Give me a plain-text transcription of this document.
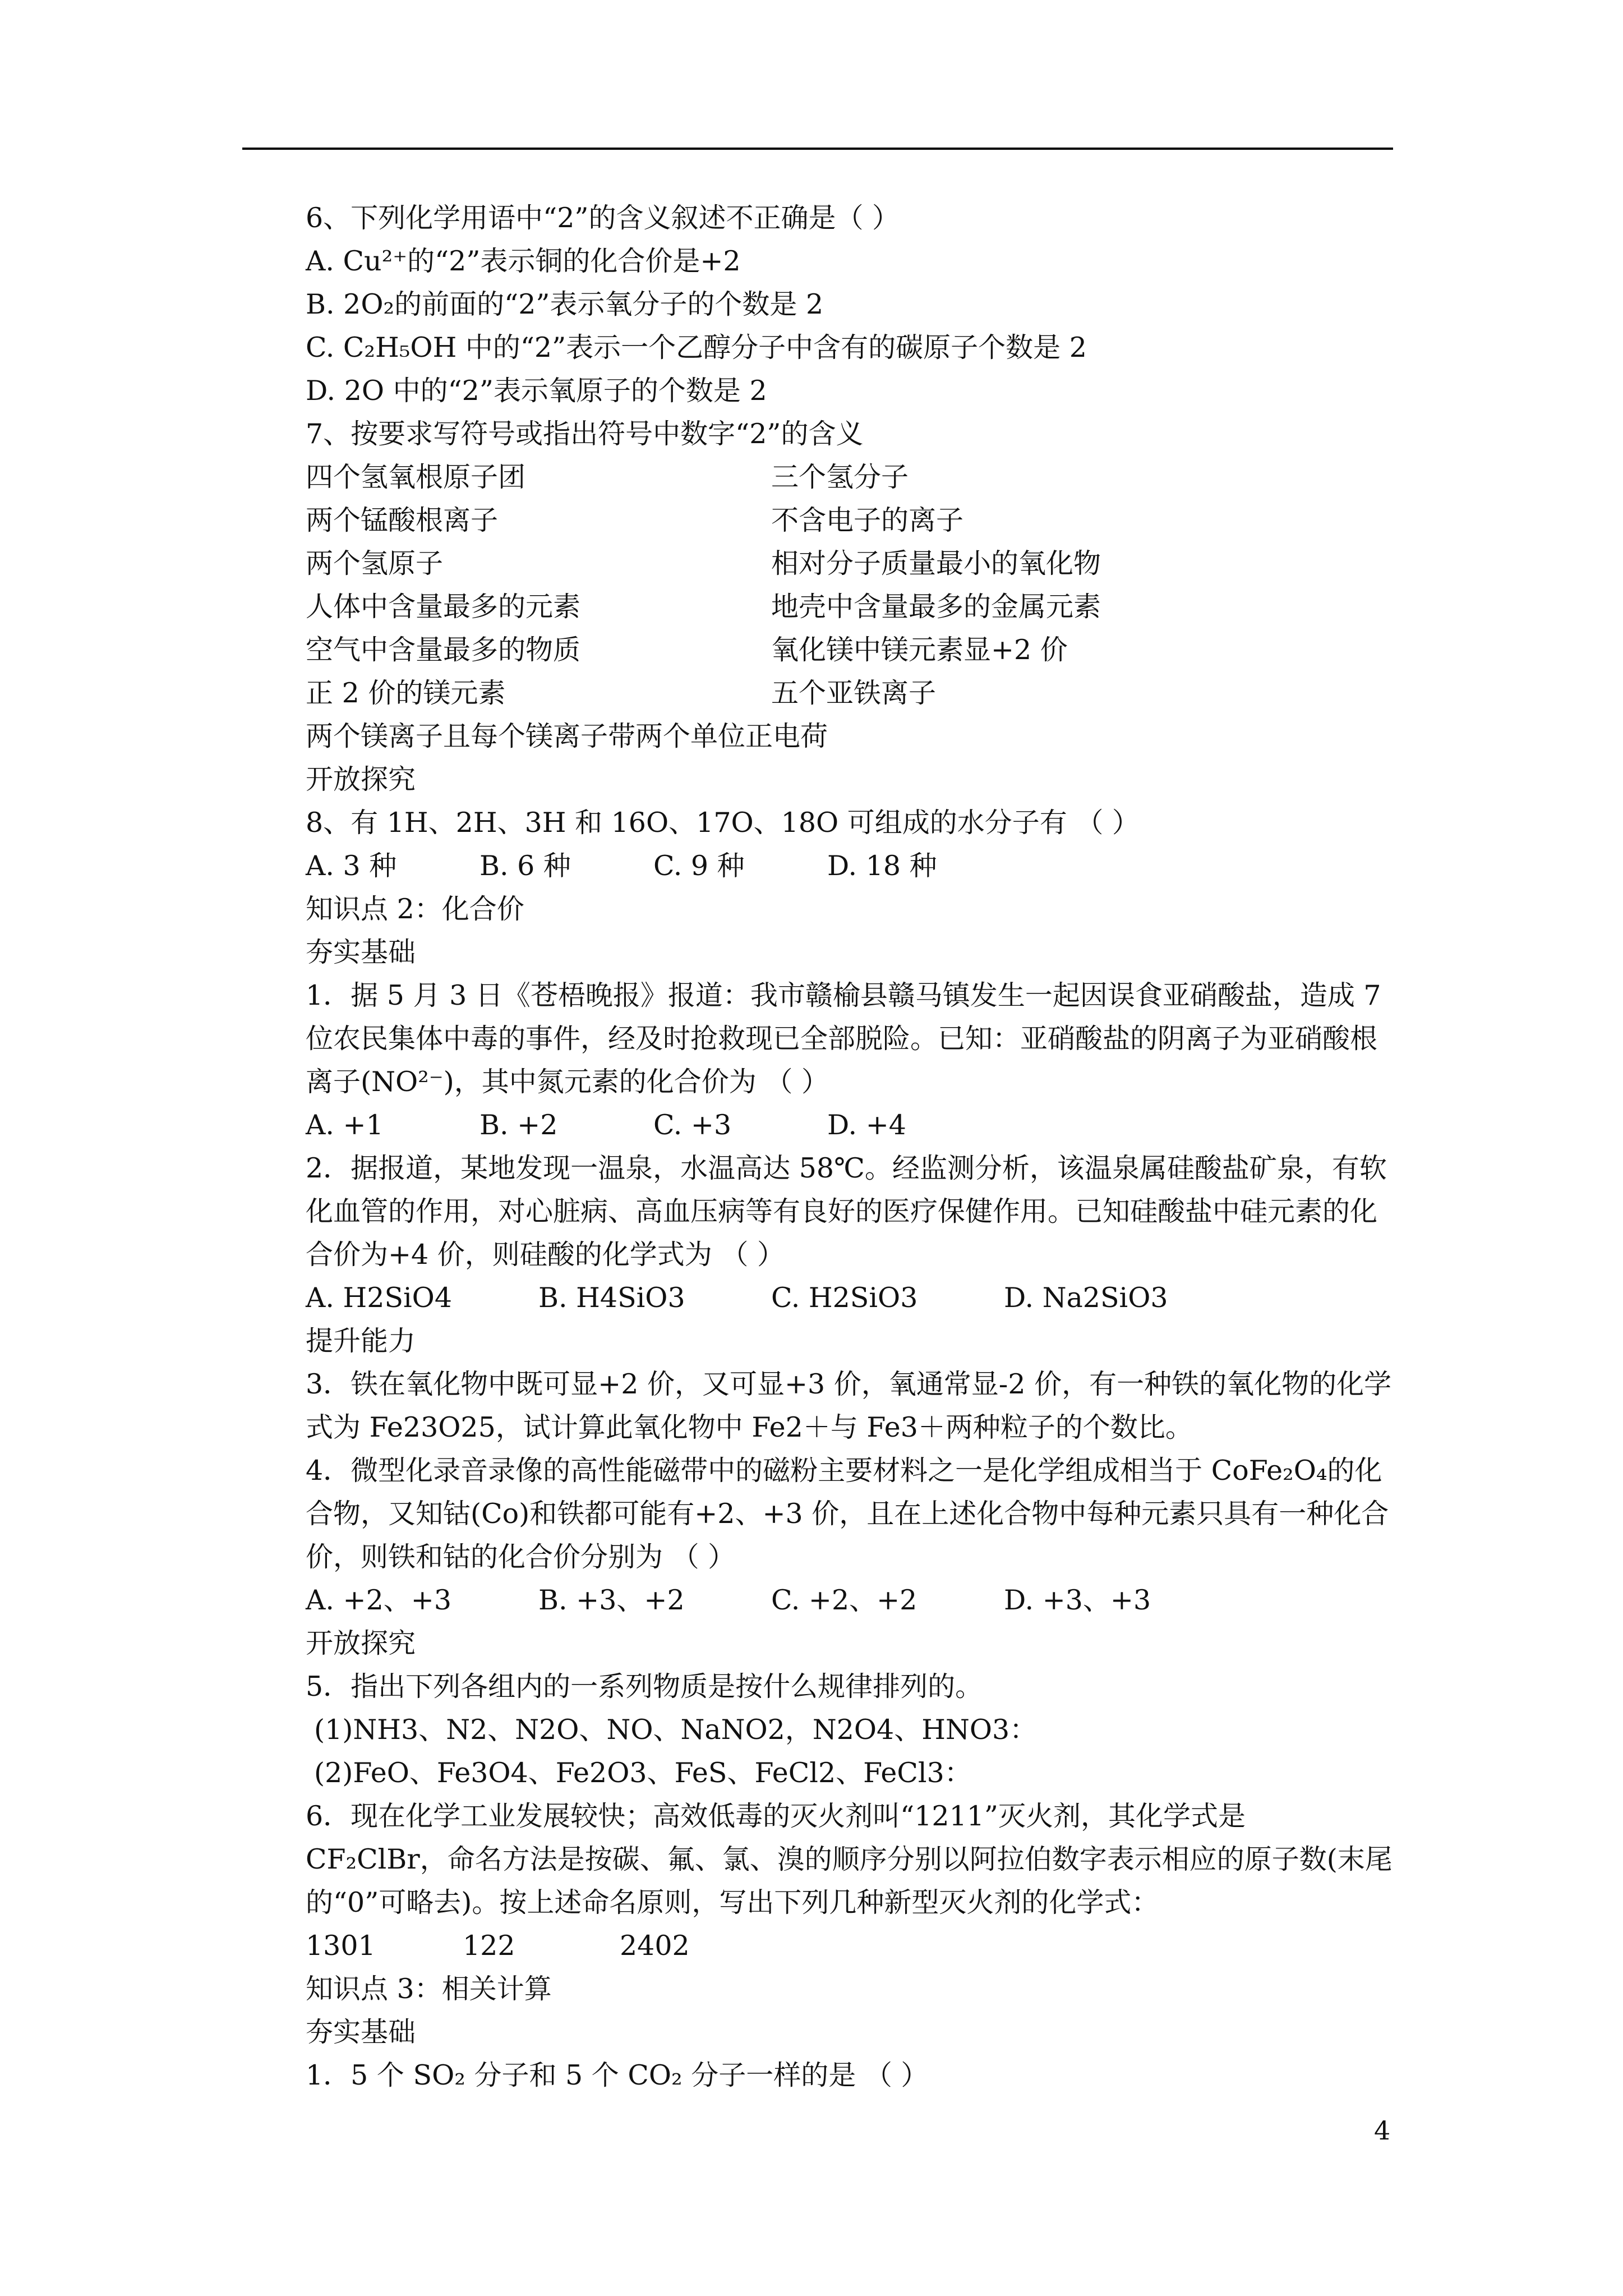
6、下列化学用语中“2”的含义叙述不正确是（ ）
A. Cu²⁺的“2”表示铜的化合价是+2
B. 2O₂的前面的“2”表示氧分子的个数是 2
C. C₂H₅OH 中的“2”表示一个乙醇分子中含有的碳原子个数是 2
D. 2O 中的“2”表示氧原子的个数是 2
7、按要求写符号或指出符号中数字“2”的含义
四个氢氧根原子团	三个氢分子
两个锰酸根离子	不含电子的离子
两个氢原子	相对分子质量最小的氧化物
人体中含量最多的元素	地壳中含量最多的金属元素
空气中含量最多的物质	氧化镁中镁元素显+2 价
正 2 价的镁元素	五个亚铁离子
两个镁离子且每个镁离子带两个单位正电荷
开放探究
8、有 1H、2H、3H 和 16O、17O、18O 可组成的水分子有 （ ）
A. 3 种	B. 6 种	C. 9 种	D. 18 种
知识点 2：化合价
夯实基础
1．据 5 月 3 日《苍梧晚报》报道：我市赣榆县赣马镇发生一起因误食亚硝酸盐，造成 7 位农民集体中毒的事件，经及时抢救现已全部脱险。已知：亚硝酸盐的阴离子为亚硝酸根离子(NO²⁻)，其中氮元素的化合价为 （ ）
A. +1	B. +2	C. +3	D. +4
2．据报道，某地发现一温泉，水温高达 58℃。经监测分析，该温泉属硅酸盐矿泉，有软化血管的作用，对心脏病、高血压病等有良好的医疗保健作用。已知硅酸盐中硅元素的化合价为+4 价，则硅酸的化学式为 （ ）
A. H2SiO4	B. H4SiO3	C. H2SiO3	D. Na2SiO3
提升能力
3．铁在氧化物中既可显+2 价，又可显+3 价，氧通常显-2 价，有一种铁的氧化物的化学式为 Fe23O25，试计算此氧化物中 Fe2＋与 Fe3＋两种粒子的个数比。
4．微型化录音录像的高性能磁带中的磁粉主要材料之一是化学组成相当于 CoFe₂O₄的化合物，又知钴(Co)和铁都可能有+2、+3 价，且在上述化合物中每种元素只具有一种化合价，则铁和钴的化合价分别为 （ ）
A. +2、+3	B. +3、+2	C. +2、+2	D. +3、+3
开放探究
5．指出下列各组内的一系列物质是按什么规律排列的。
(1)NH3、N2、N2O、NO、NaNO2，N2O4、HNO3：
(2)FeO、Fe3O4、Fe2O3、FeS、FeCl2、FeCl3：
6．现在化学工业发展较快；高效低毒的灭火剂叫“1211”灭火剂，其化学式是 CF₂ClBr，命名方法是按碳、氟、氯、溴的顺序分别以阿拉伯数字表示相应的原子数(末尾的“0”可略去)。按上述命名原则，写出下列几种新型灭火剂的化学式：
1301	122	2402
知识点 3：相关计算
夯实基础
1．5 个 SO₂ 分子和 5 个 CO₂ 分子一样的是 （ ）
4
